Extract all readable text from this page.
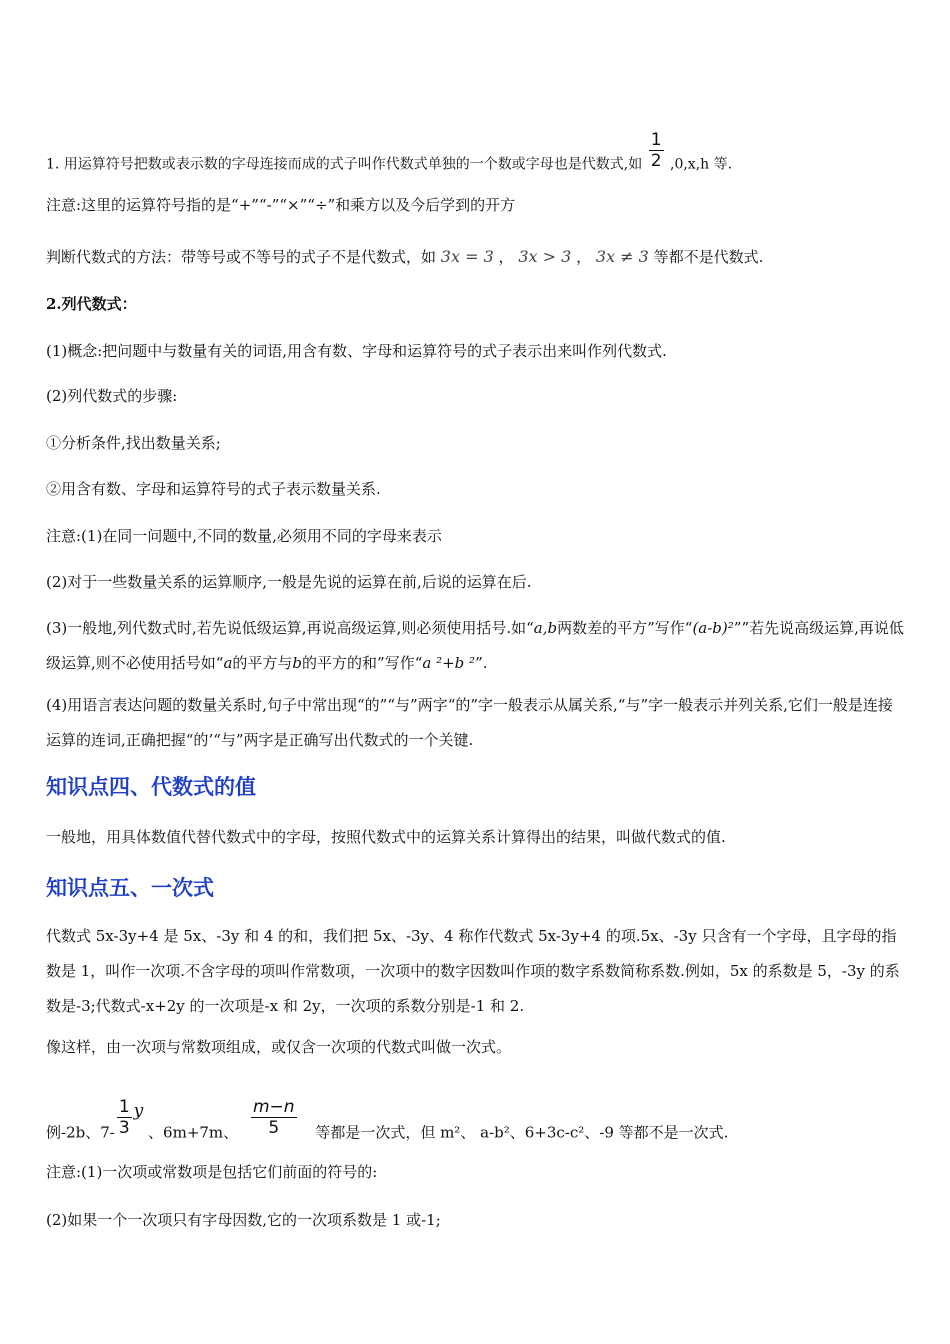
1. 用运算符号把数或表示数的字母连接而成的式子叫作代数式单独的一个数或字母也是代数式,如 $\frac{1}{2} ,0,x,h$ 等.
注意:这里的运算符号指的是“+”“-”“×”“÷”和乘方以及今后学到的开方
判断代数式的方法：带等号或不等号的式子不是代数式，如 3x = 3 ， 3x > 3 ， 3x ≠ 3 等都不是代数式.
2.列代数式：
(1)概念:把问题中与数量有关的词语,用含有数、字母和运算符号的式子表示出来叫作列代数式.
(2)列代数式的步骤:
①分析条件,找出数量关系;
②用含有数、字母和运算符号的式子表示数量关系.
注意:(1)在同一问题中,不同的数量,必须用不同的字母来表示
(2)对于一些数量关系的运算顺序,一般是先说的运算在前,后说的运算在后.
(3)一般地,列代数式时,若先说低级运算,再说高级运算,则必须使用括号.如“a,b两数差的平方”写作“(a-b)²””若先说高级运算,再说低级运算,则不必使用括号如“a的平方与b的平方的和”写作“a ²+b ²”.
(4)用语言表达问题的数量关系时,句子中常出现“的”“与”两字“的”字一般表示从属关系,“与”字一般表示并列关系,它们一般是连接运算的连词,正确把握“的’“与”两字是正确写出代数式的一个关键.
知识点四、代数式的值
一般地，用具体数值代替代数式中的字母，按照代数式中的运算关系计算得出的结果，叫做代数式的值.
知识点五、一次式
代数式 5x-3y+4 是 5x、-3y 和 4 的和，我们把 5x、-3y、4 称作代数式 5x-3y+4 的项.5x、-3y 只含有一个字母，且字母的指数是 1，叫作一次项.不含字母的项叫作常数项，一次项中的数字因数叫作项的数字系数简称系数.例如，5x 的系数是 5，-3y 的系数是-3;代数式-x+2y 的一次项是-x 和 2y，一次项的系数分别是-1 和 2.
像这样，由一次项与常数项组成，或仅含一次项的代数式叫做一次式。
例-2b、$7- \frac{1}{3}$ y 、6m+7m、 $\frac{m-n}{5}$ 等都是一次式，但 m²、 a-b²、6+3c-c²、-9 等都不是一次式.
注意:(1)一次项或常数项是包括它们前面的符号的:
(2)如果一个一次项只有字母因数,它的一次项系数是 1 或-1;
